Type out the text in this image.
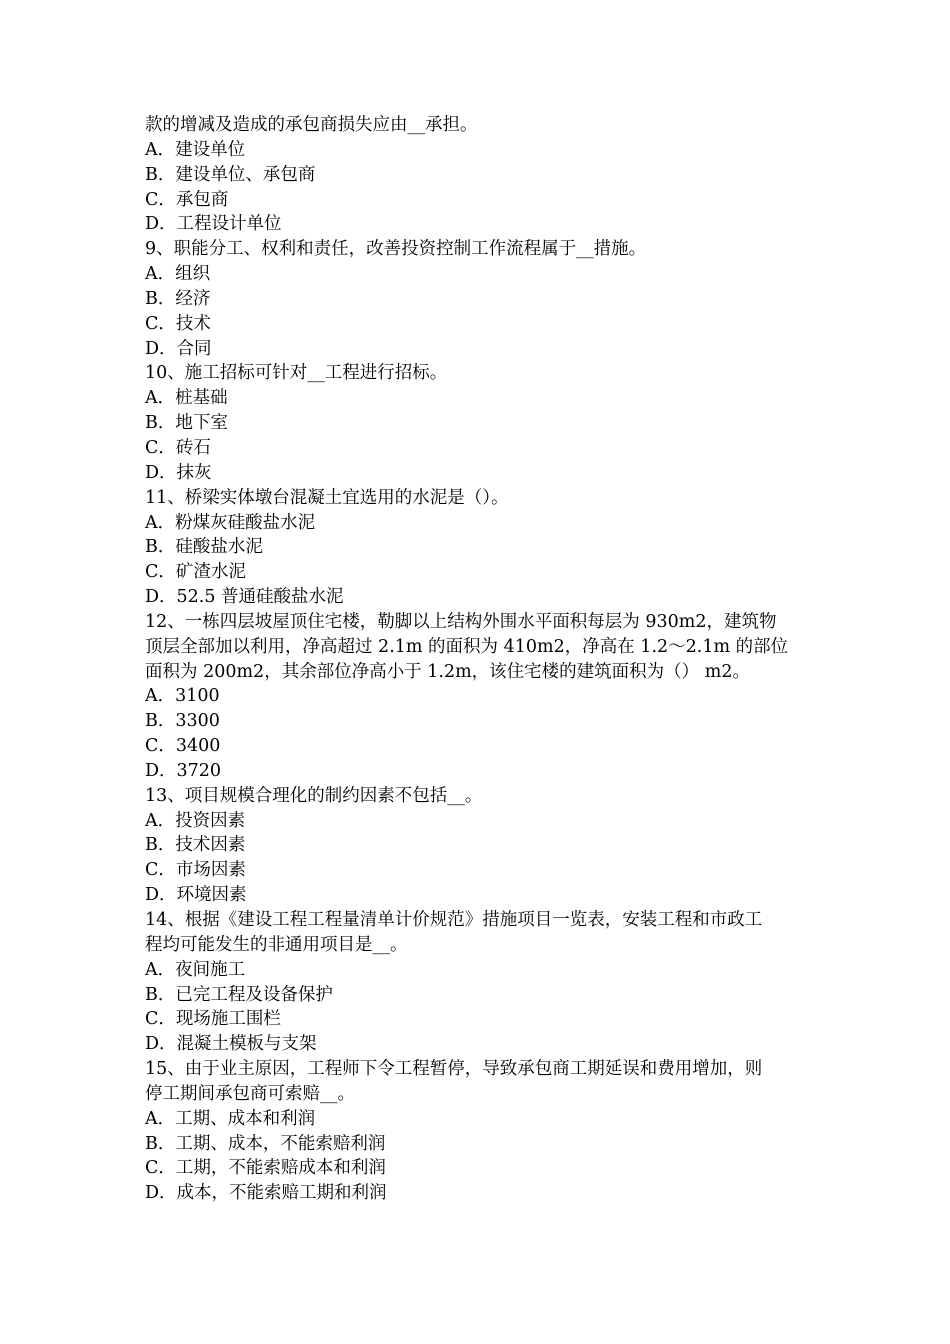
款的增减及造成的承包商损失应由__承担。
A．建设单位
B．建设单位、承包商
C．承包商
D．工程设计单位
9、职能分工、权利和责任，改善投资控制工作流程属于__措施。
A．组织
B．经济
C．技术
D．合同
10、施工招标可针对__工程进行招标。
A．桩基础
B．地下室
C．砖石
D．抹灰
11、桥梁实体墩台混凝土宜选用的水泥是（）。
A．粉煤灰硅酸盐水泥
B．硅酸盐水泥
C．矿渣水泥
D．52.5 普通硅酸盐水泥
12、一栋四层坡屋顶住宅楼，勒脚以上结构外围水平面积每层为 930m2，建筑物
顶层全部加以利用，净高超过 2.1m 的面积为 410m2，净高在 1.2～2.1m 的部位
面积为 200m2，其余部位净高小于 1.2m，该住宅楼的建筑面积为（） m2。
A．3100
B．3300
C．3400
D．3720
13、项目规模合理化的制约因素不包括__。
A．投资因素
B．技术因素
C．市场因素
D．环境因素
14、根据《建设工程工程量清单计价规范》措施项目一览表，安装工程和市政工
程均可能发生的非通用项目是__。
A．夜间施工
B．已完工程及设备保护
C．现场施工围栏
D．混凝土模板与支架
15、由于业主原因，工程师下令工程暂停，导致承包商工期延误和费用增加，则
停工期间承包商可索赔__。
A．工期、成本和利润
B．工期、成本，不能索赔利润
C．工期，不能索赔成本和利润
D．成本，不能索赔工期和利润
